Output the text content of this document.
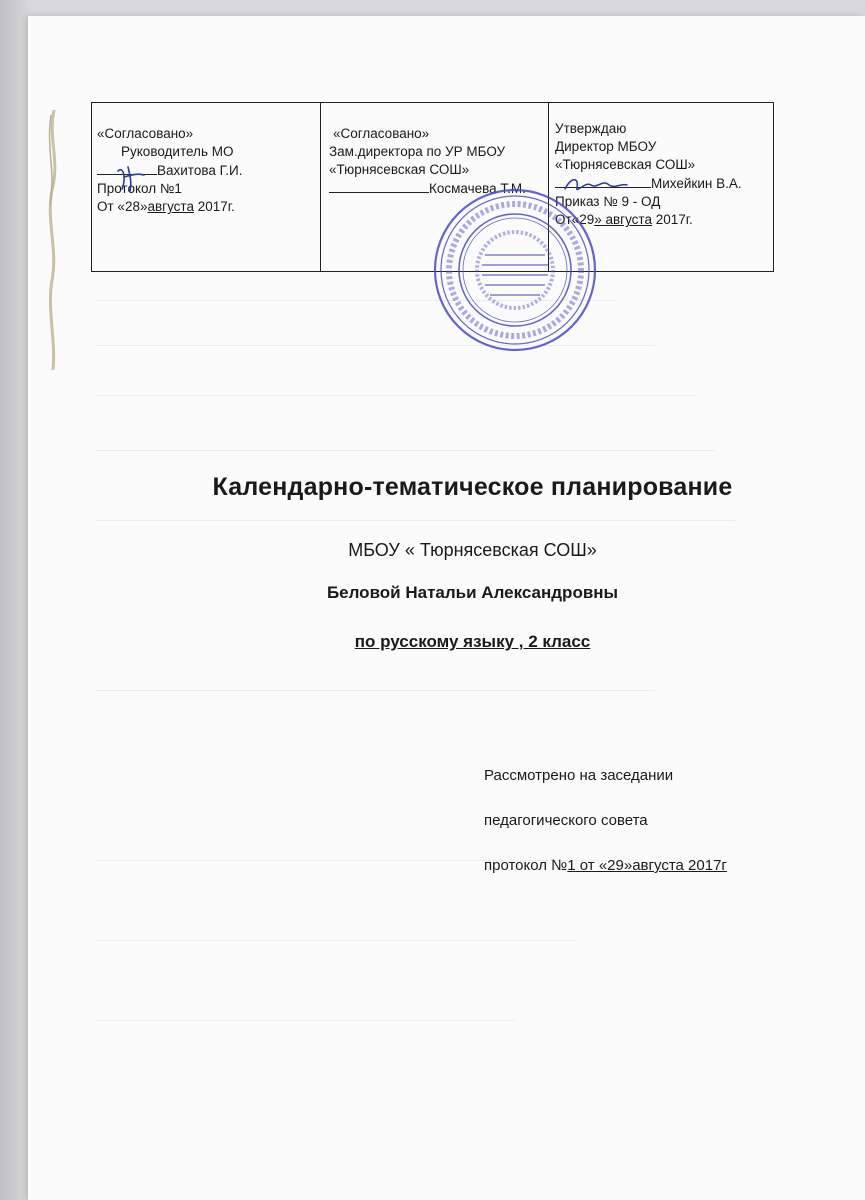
«Согласовано»
Руководитель МО
Вахитова Г.И.
Протокол №1
От «28»августа 2017г.
«Согласовано»
Зам.директора по УР МБОУ
«Тюрнясевская СОШ»
Космачева Т.М.
Утверждаю
Директор МБОУ
«Тюрнясевская СОШ»
Михейкин В.А.
Приказ № 9 - ОД
От«29» августа 2017г.
Календарно-тематическое планирование
МБОУ « Тюрнясевская СОШ»
Беловой Натальи Александровны
по русскому языку , 2 класс
Рассмотрено на заседании
педагогического совета
протокол №1 от «29»августа 2017г
